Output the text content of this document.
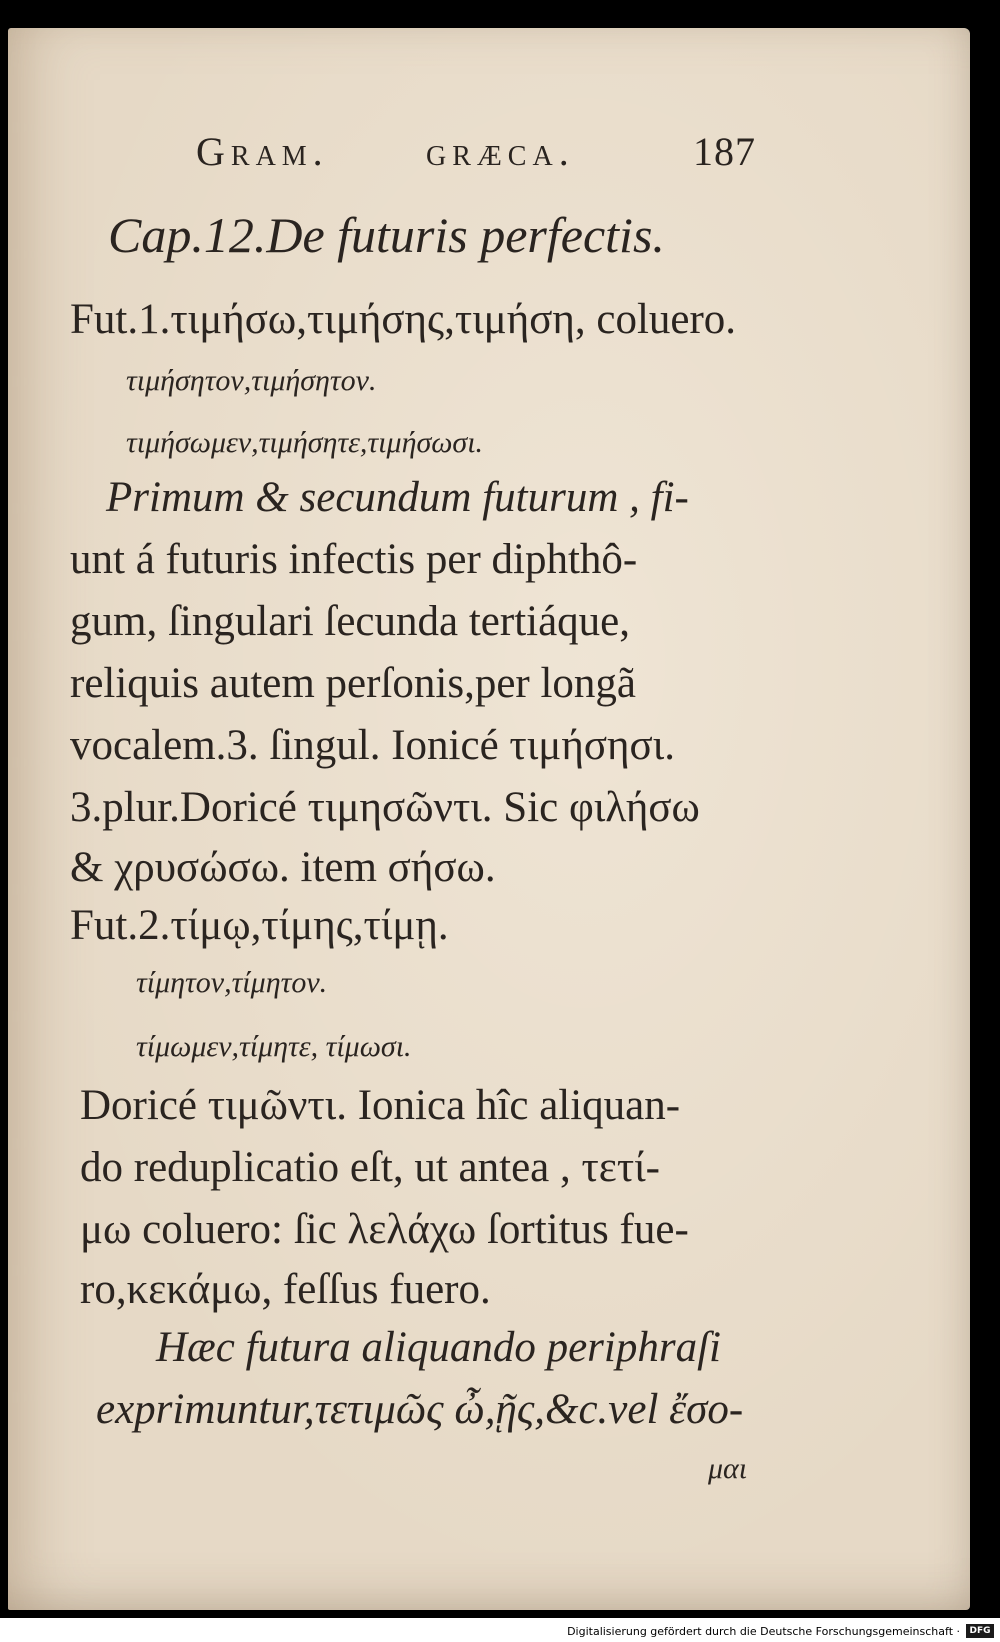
Gram. græca.	187
Cap.12.De futuris perfectis.
Fut.1.τιμήσω,τιμήσης,τιμήση, coluero.
τιμήσητον,τιμήσητον.
τιμήσωμεν,τιμήσητε,τιμήσωσι.
Primum & secundum futurum , fi-
unt á futuris infectis per diphthô-
gum, ſingulari ſecunda tertiáque,
reliquis autem perſonis,per longã
vocalem.3. ſingul. Ionicé τιμήσησι.
3.plur.Doricé τιμησῶντι. Sic φιλήσω
& χρυσώσω. item σήσω.
Fut.2.τίμῳ,τίμης,τίμῃ.
τίμητον,τίμητον.
τίμωμεν,τίμητε, τίμωσι.
Doricé τιμῶντι. Ionica hîc aliquan-
do reduplicatio eſt, ut antea , τετί-
μω coluero: ſic λελάχω ſortitus fue-
ro,κεκάμω, feſſus fuero.
Hæc futura aliquando periphraſi
exprimuntur,τετιμῶς ὦ,ῇς,&c.vel ἔσο-
μαι
Digitalisierung gefördert durch die Deutsche Forschungsgemeinschaft ·	DFG
